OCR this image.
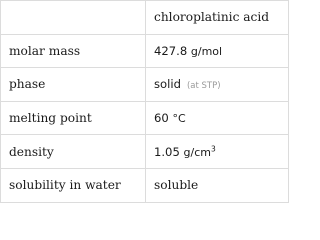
	chloroplatinic acid
molar mass	427.8 g/mol
phase	solid (at STP)
melting point	60 °C
density	1.05 $g/cm^3$
solubility in water	soluble
